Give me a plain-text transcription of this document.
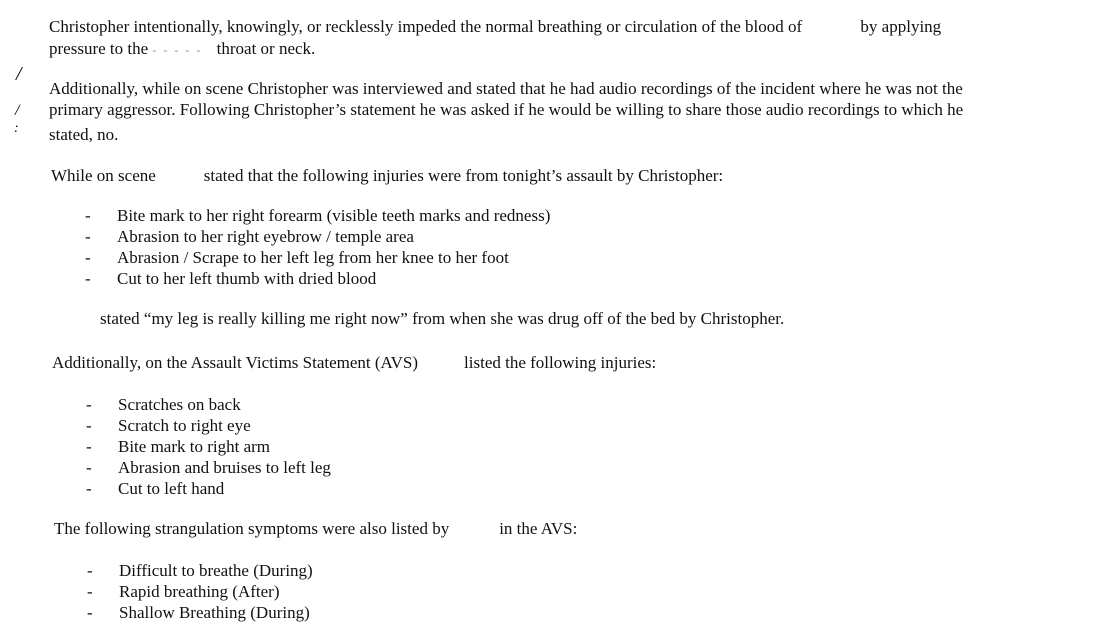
/
/
:

Christopher intentionally, knowingly, or recklessly impeded the normal breathing or circulation of the blood of	by applying

pressure to the - - - - - throat or neck.

Additionally, while on scene Christopher was interviewed and stated that he had audio recordings of the incident where he was not the

primary aggressor. Following Christopher’s statement he was asked if he would be willing to share those audio recordings to which he

stated, no.

While on scene	stated that the following injuries were from tonight’s assault by Christopher:

-	Bite mark to her right forearm (visible teeth marks and redness)
-	Abrasion to her right eyebrow / temple area
-	Abrasion / Scrape to her left leg from her knee to her foot
-	Cut to her left thumb with dried blood

stated “my leg is really killing me right now” from when she was drug off of the bed by Christopher.

Additionally, on the Assault Victims Statement (AVS)	listed the following injuries:

-	Scratches on back
-	Scratch to right eye
-	Bite mark to right arm
-	Abrasion and bruises to left leg
-	Cut to left hand

The following strangulation symptoms were also listed by	in the AVS:

-	Difficult to breathe (During)
-	Rapid breathing (After)
-	Shallow Breathing (During)
